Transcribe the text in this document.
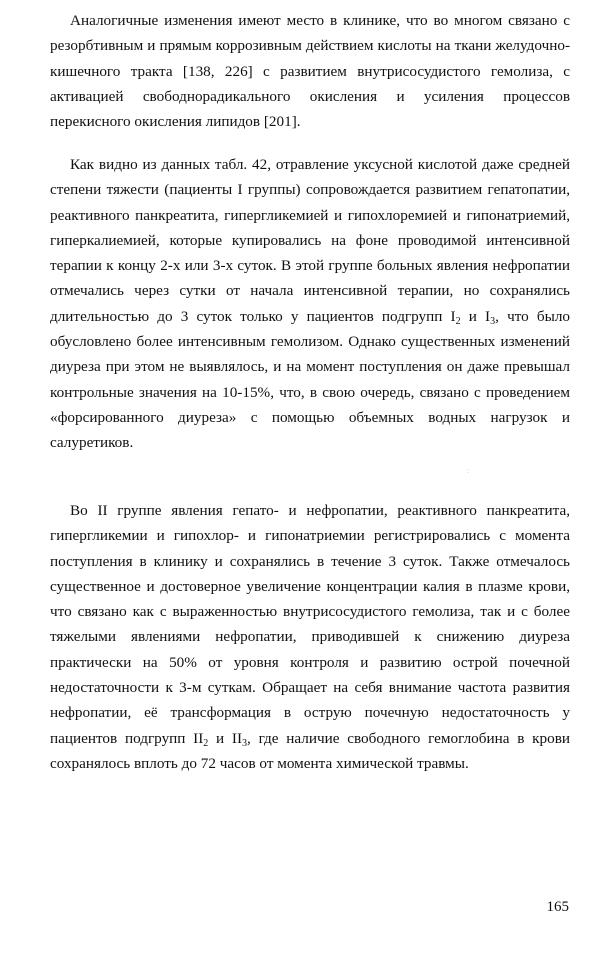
Аналогичные изменения имеют место в клинике, что во многом связано с резорбтивным и прямым коррозивным действием кислоты на ткани желудочно-кишечного тракта [138, 226] с развитием внутрисосудистого гемолиза, с активацией свободнорадикального окисления и усиления процессов перекисного окисления липидов [201].

Как видно из данных табл. 42, отравление уксусной кислотой даже средней степени тяжести (пациенты I группы) сопровождается развитием гепатопатии, реактивного панкреатита, гипергликемией и гипохлоремией и гипонатриемий, гиперкалиемией, которые купировались на фоне проводимой интенсивной терапии к концу 2-х или 3-х суток. В этой группе больных явления нефропатии отмечались через сутки от начала интенсивной терапии, но сохранялись длительностью до 3 суток только у пациентов подгрупп $I_2$ и $I_3$, что было обусловлено более интенсивным гемолизом. Однако существенных изменений диуреза при этом не выявлялось, и на момент поступления он даже превышал контрольные значения на 10-15%, что, в свою очередь, связано с проведением «форсированного диуреза» с помощью объемных водных нагрузок и салуретиков.

:

Во II группе явления гепато- и нефропатии, реактивного панкреатита, гипергликемии и гипохлор- и гипонатриемии регистрировались с момента поступления в клинику и сохранялись в течение 3 суток. Также отмечалось существенное и достоверное увеличение концентрации калия в плазме крови, что связано как с выраженностью внутрисосудистого гемолиза, так и с более тяжелыми явлениями нефропатии, приводившей к снижению диуреза практически на 50% от уровня контроля и развитию острой почечной недостаточности к 3-м суткам. Обращает на себя внимание частота развития нефропатии, её трансформация в острую почечную недостаточность у пациентов подгрупп $II_2$ и $II_3$, где наличие свободного гемоглобина в крови сохранялось вплоть до 72 часов от момента химической травмы.

165
